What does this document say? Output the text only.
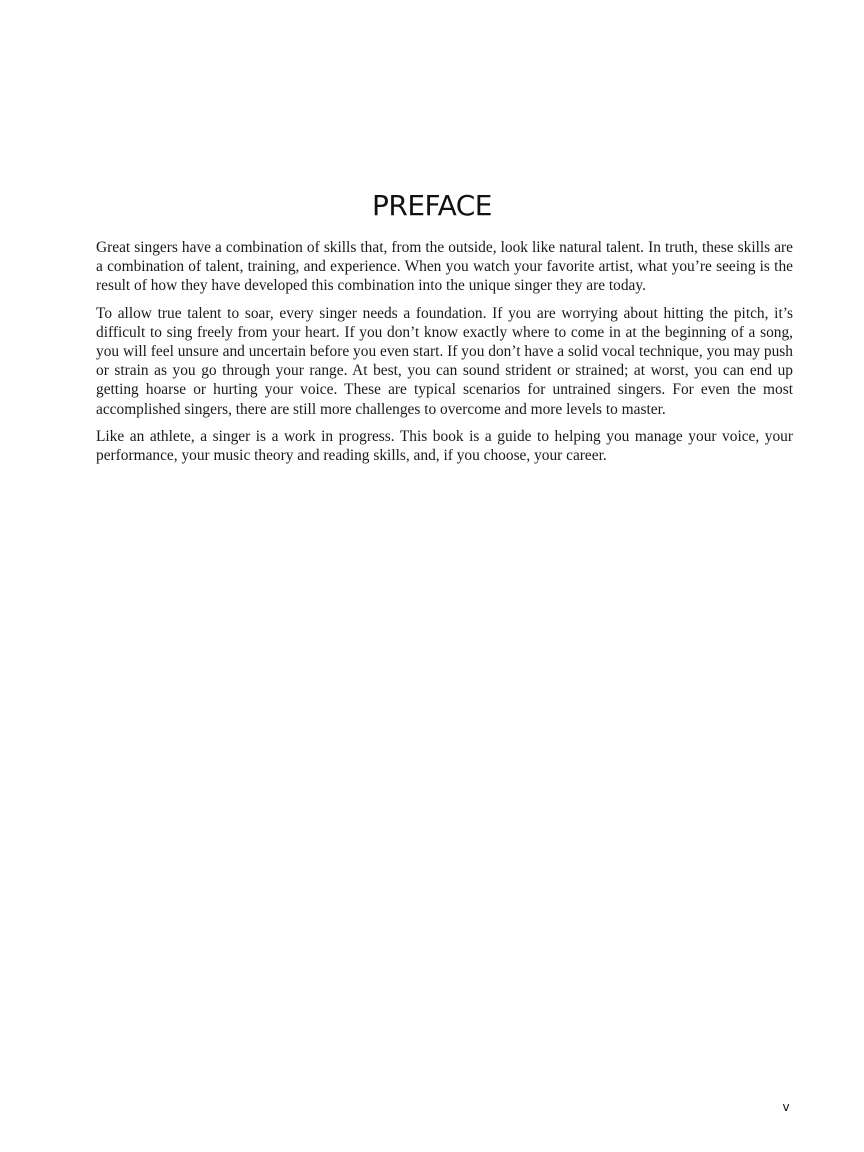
PREFACE

Great singers have a combination of skills that, from the outside, look like natural talent. In truth, these skills are a combination of talent, training, and experience. When you watch your favorite artist, what you’re seeing is the result of how they have developed this combination into the unique singer they are today.

To allow true talent to soar, every singer needs a foundation. If you are worrying about hitting the pitch, it’s difficult to sing freely from your heart. If you don’t know exactly where to come in at the beginning of a song, you will feel unsure and uncertain before you even start. If you don’t have a solid vocal technique, you may push or strain as you go through your range. At best, you can sound strident or strained; at worst, you can end up getting hoarse or hurting your voice. These are typical scenarios for untrained singers. For even the most accomplished singers, there are still more challenges to overcome and more levels to master.

Like an athlete, a singer is a work in progress. This book is a guide to helping you manage your voice, your performance, your music theory and reading skills, and, if you choose, your career.

v
